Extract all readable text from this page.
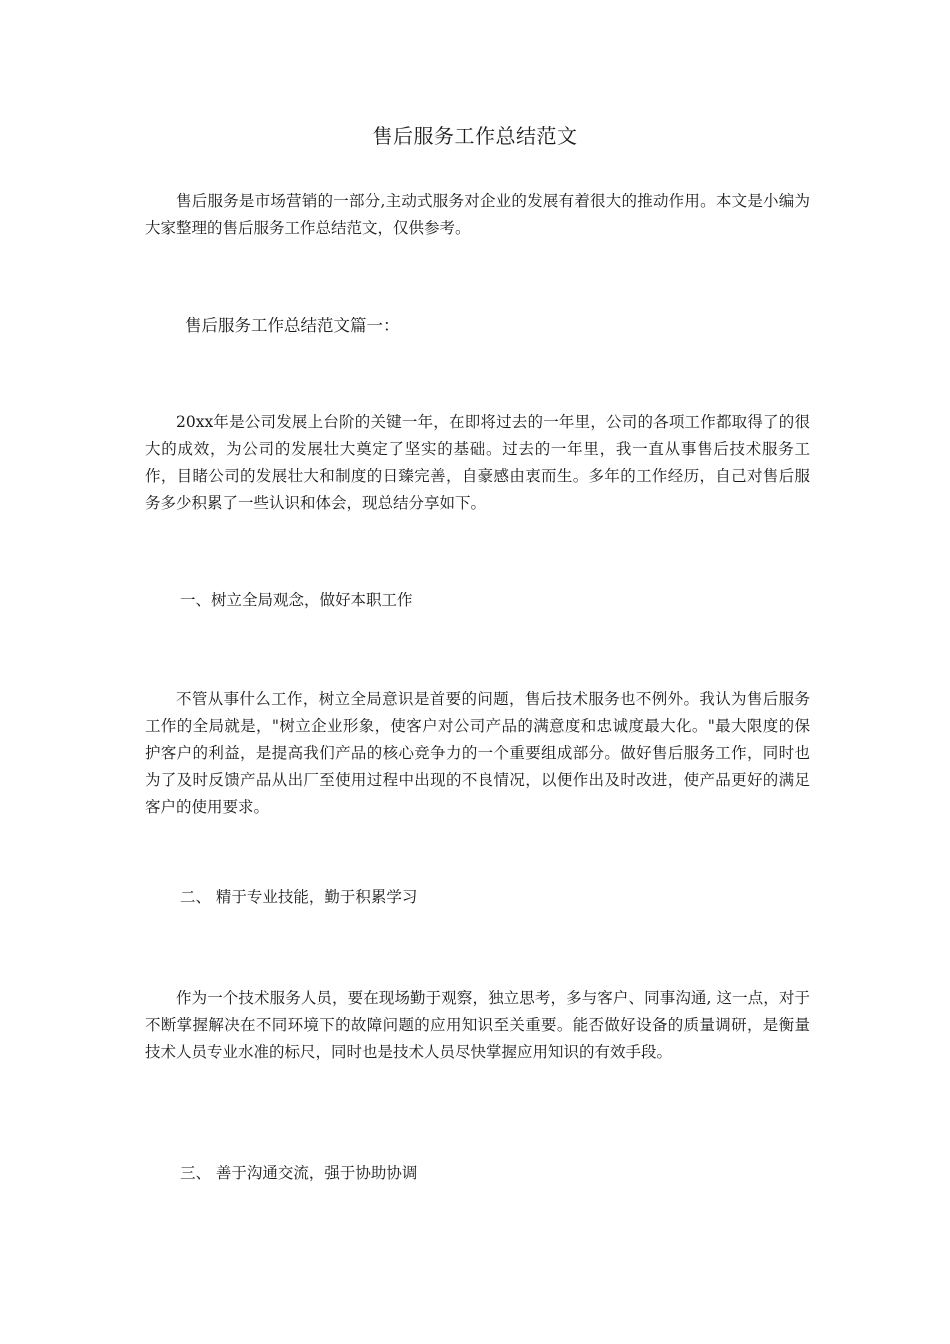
售后服务工作总结范文

售后服务是市场营销的一部分,主动式服务对企业的发展有着很大的推动作用。本文是小编为大家整理的售后服务工作总结范文，仅供参考。

售后服务工作总结范文篇一：

20xx年是公司发展上台阶的关键一年，在即将过去的一年里，公司的各项工作都取得了的很大的成效，为公司的发展壮大奠定了坚实的基础。过去的一年里，我一直从事售后技术服务工作，目睹公司的发展壮大和制度的日臻完善，自豪感由衷而生。多年的工作经历，自己对售后服务多少积累了一些认识和体会，现总结分享如下。

一、树立全局观念，做好本职工作

不管从事什么工作，树立全局意识是首要的问题，售后技术服务也不例外。我认为售后服务工作的全局就是，"树立企业形象，使客户对公司产品的满意度和忠诚度最大化。"最大限度的保护客户的利益，是提高我们产品的核心竞争力的一个重要组成部分。做好售后服务工作，同时也为了及时反馈产品从出厂至使用过程中出现的不良情况，以便作出及时改进，使产品更好的满足客户的使用要求。

二、 精于专业技能，勤于积累学习

作为一个技术服务人员，要在现场勤于观察，独立思考，多与客户、同事沟通, 这一点，对于不断掌握解决在不同环境下的故障问题的应用知识至关重要。能否做好设备的质量调研，是衡量技术人员专业水准的标尺，同时也是技术人员尽快掌握应用知识的有效手段。

三、 善于沟通交流，强于协助协调
